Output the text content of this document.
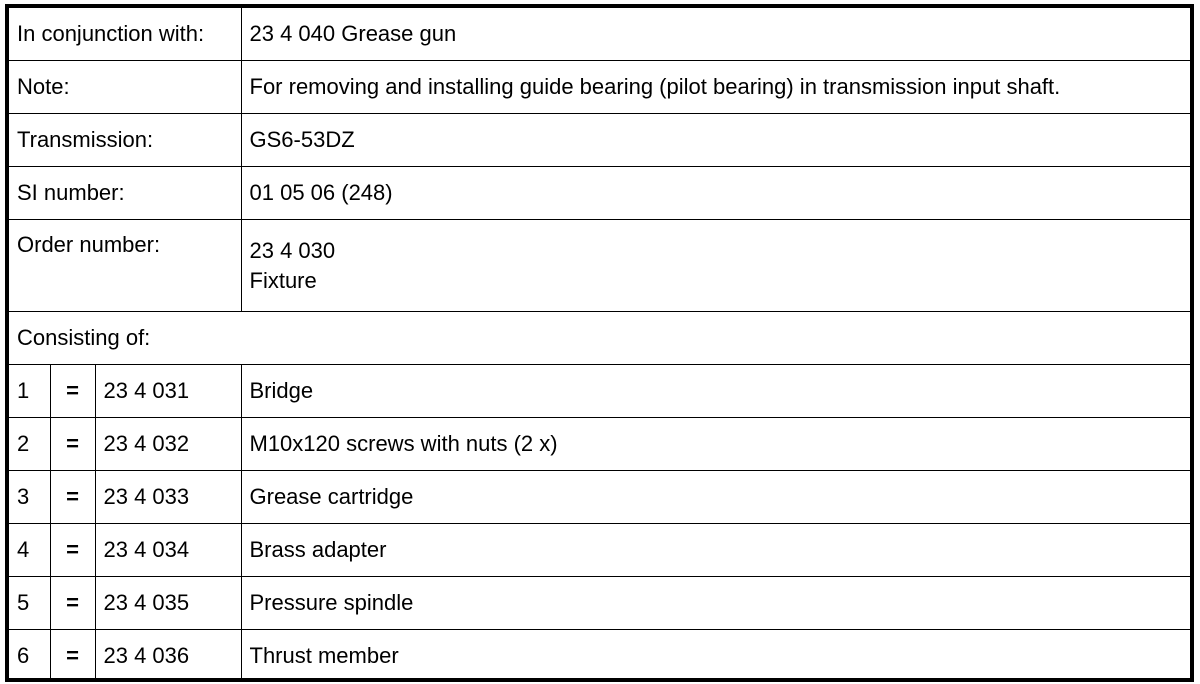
In conjunction with:			23 4 040 Grease gun
Note:			For removing and installing guide bearing (pilot bearing) in transmission input shaft.
Transmission:			GS6-53DZ
SI number:			01 05 06 (248)
Order number:			23 4 030
Fixture

Consisting of:			
1	=	23 4 031	Bridge
2	=	23 4 032	M10x120 screws with nuts (2 x)
3	=	23 4 033	Grease cartridge
4	=	23 4 034	Brass adapter
5	=	23 4 035	Pressure spindle
6	=	23 4 036	Thrust member
